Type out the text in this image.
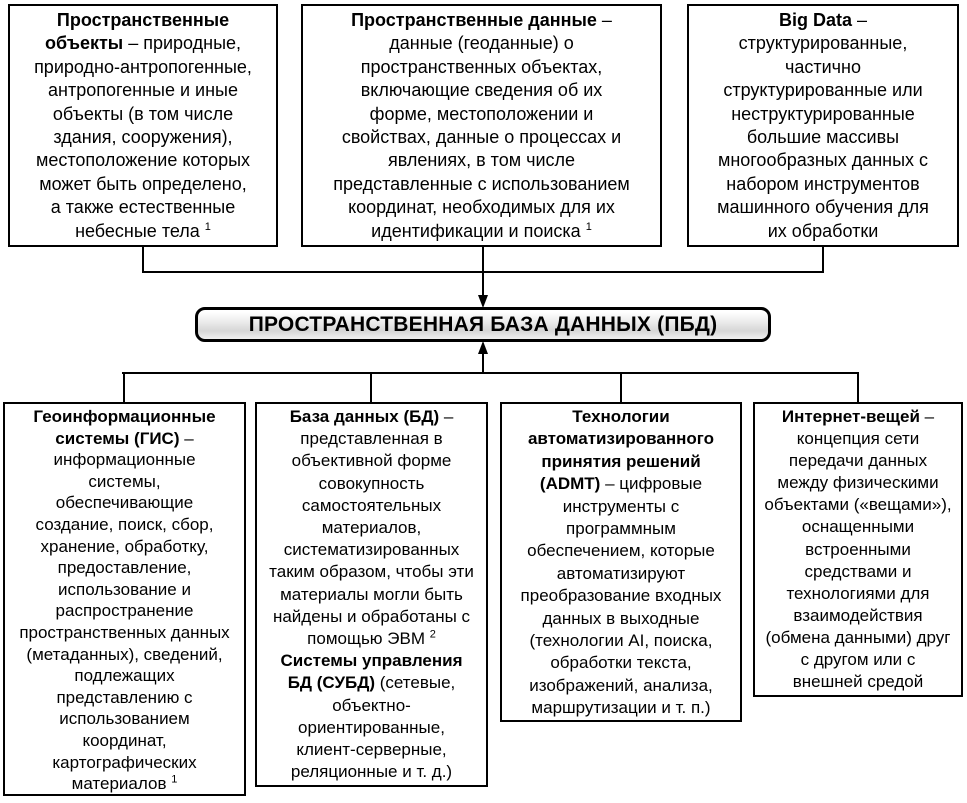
Пространственные
объекты – природные,
природно-антропогенные,
антропогенные и иные
объекты (в том числе
здания, сооружения),
местоположение которых
может быть определено,
а также естественные
небесные тела $^1$
Пространственные данные –
данные (геоданные) о
пространственных объектах,
включающие сведения об их
форме, местоположении и
свойствах, данные о процессах и
явлениях, в том числе
представленные с использованием
координат, необходимых для их
идентификации и поиска $^1$
Big Data –
структурированные,
частично
структурированные или
неструктурированные
большие массивы
многообразных данных с
набором инструментов
машинного обучения для
их обработки
ПРОСТРАНСТВЕННАЯ БАЗА ДАННЫХ (ПБД)
Геоинформационные
системы (ГИС) –
информационные
системы,
обеспечивающие
создание, поиск, сбор,
хранение, обработку,
предоставление,
использование и
распространение
пространственных данных
(метаданных), сведений,
подлежащих
представлению с
использованием
координат,
картографических
материалов $^1$
База данных (БД) –
представленная в
объективной форме
совокупность
самостоятельных
материалов,
систематизированных
таким образом, чтобы эти
материалы могли быть
найдены и обработаны с
помощью ЭВМ $^2$
Системы управления
БД (СУБД) (сетевые,
объектно-
ориентированные,
клиент-серверные,
реляционные и т. д.)
Технологии
автоматизированного
принятия решений
(ADMT) – цифровые
инструменты с
программным
обеспечением, которые
автоматизируют
преобразование входных
данных в выходные
(технологии AI, поиска,
обработки текста,
изображений, анализа,
маршрутизации и т. п.)
Интернет-вещей –
концепция сети
передачи данных
между физическими
объектами («вещами»),
оснащенными
встроенными
средствами и
технологиями для
взаимодействия
(обмена данными) друг
с другом или с
внешней средой
